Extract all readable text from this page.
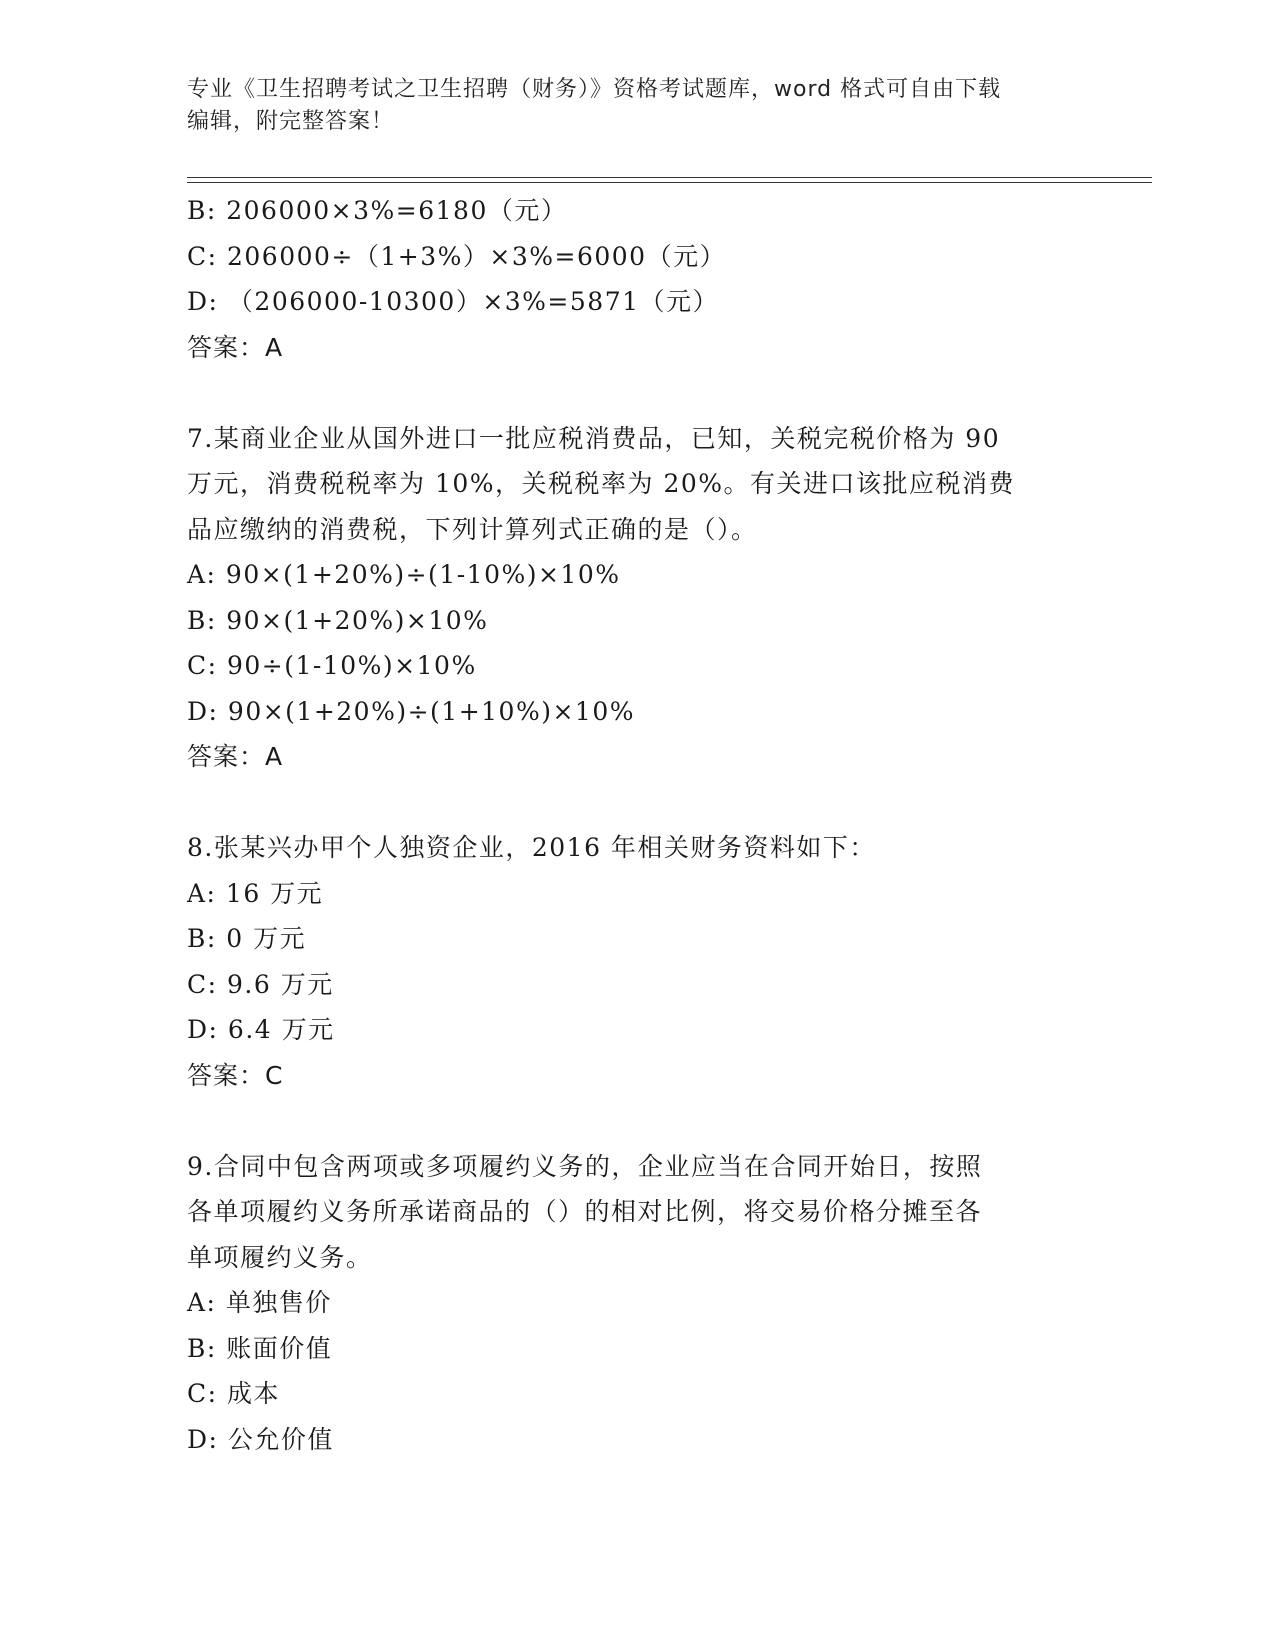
专业《卫生招聘考试之卫生招聘（财务）》资格考试题库，word 格式可自由下载
编辑，附完整答案！
B: 206000×3%=6180（元）
C: 206000÷（1+3%）×3%=6000（元）
D: （206000-10300）×3%=5871（元）
答案：A
7.某商业企业从国外进口一批应税消费品，已知，关税完税价格为 90
万元，消费税税率为 10%，关税税率为 20%。有关进口该批应税消费
品应缴纳的消费税，下列计算列式正确的是（）。
A: 90×(1+20%)÷(1-10%)×10%
B: 90×(1+20%)×10%
C: 90÷(1-10%)×10%
D: 90×(1+20%)÷(1+10%)×10%
答案：A
8.张某兴办甲个人独资企业，2016 年相关财务资料如下：
A: 16 万元
B: 0 万元
C: 9.6 万元
D: 6.4 万元
答案：C
9.合同中包含两项或多项履约义务的，企业应当在合同开始日，按照
各单项履约义务所承诺商品的（）的相对比例，将交易价格分摊至各
单项履约义务。
A: 单独售价
B: 账面价值
C: 成本
D: 公允价值
